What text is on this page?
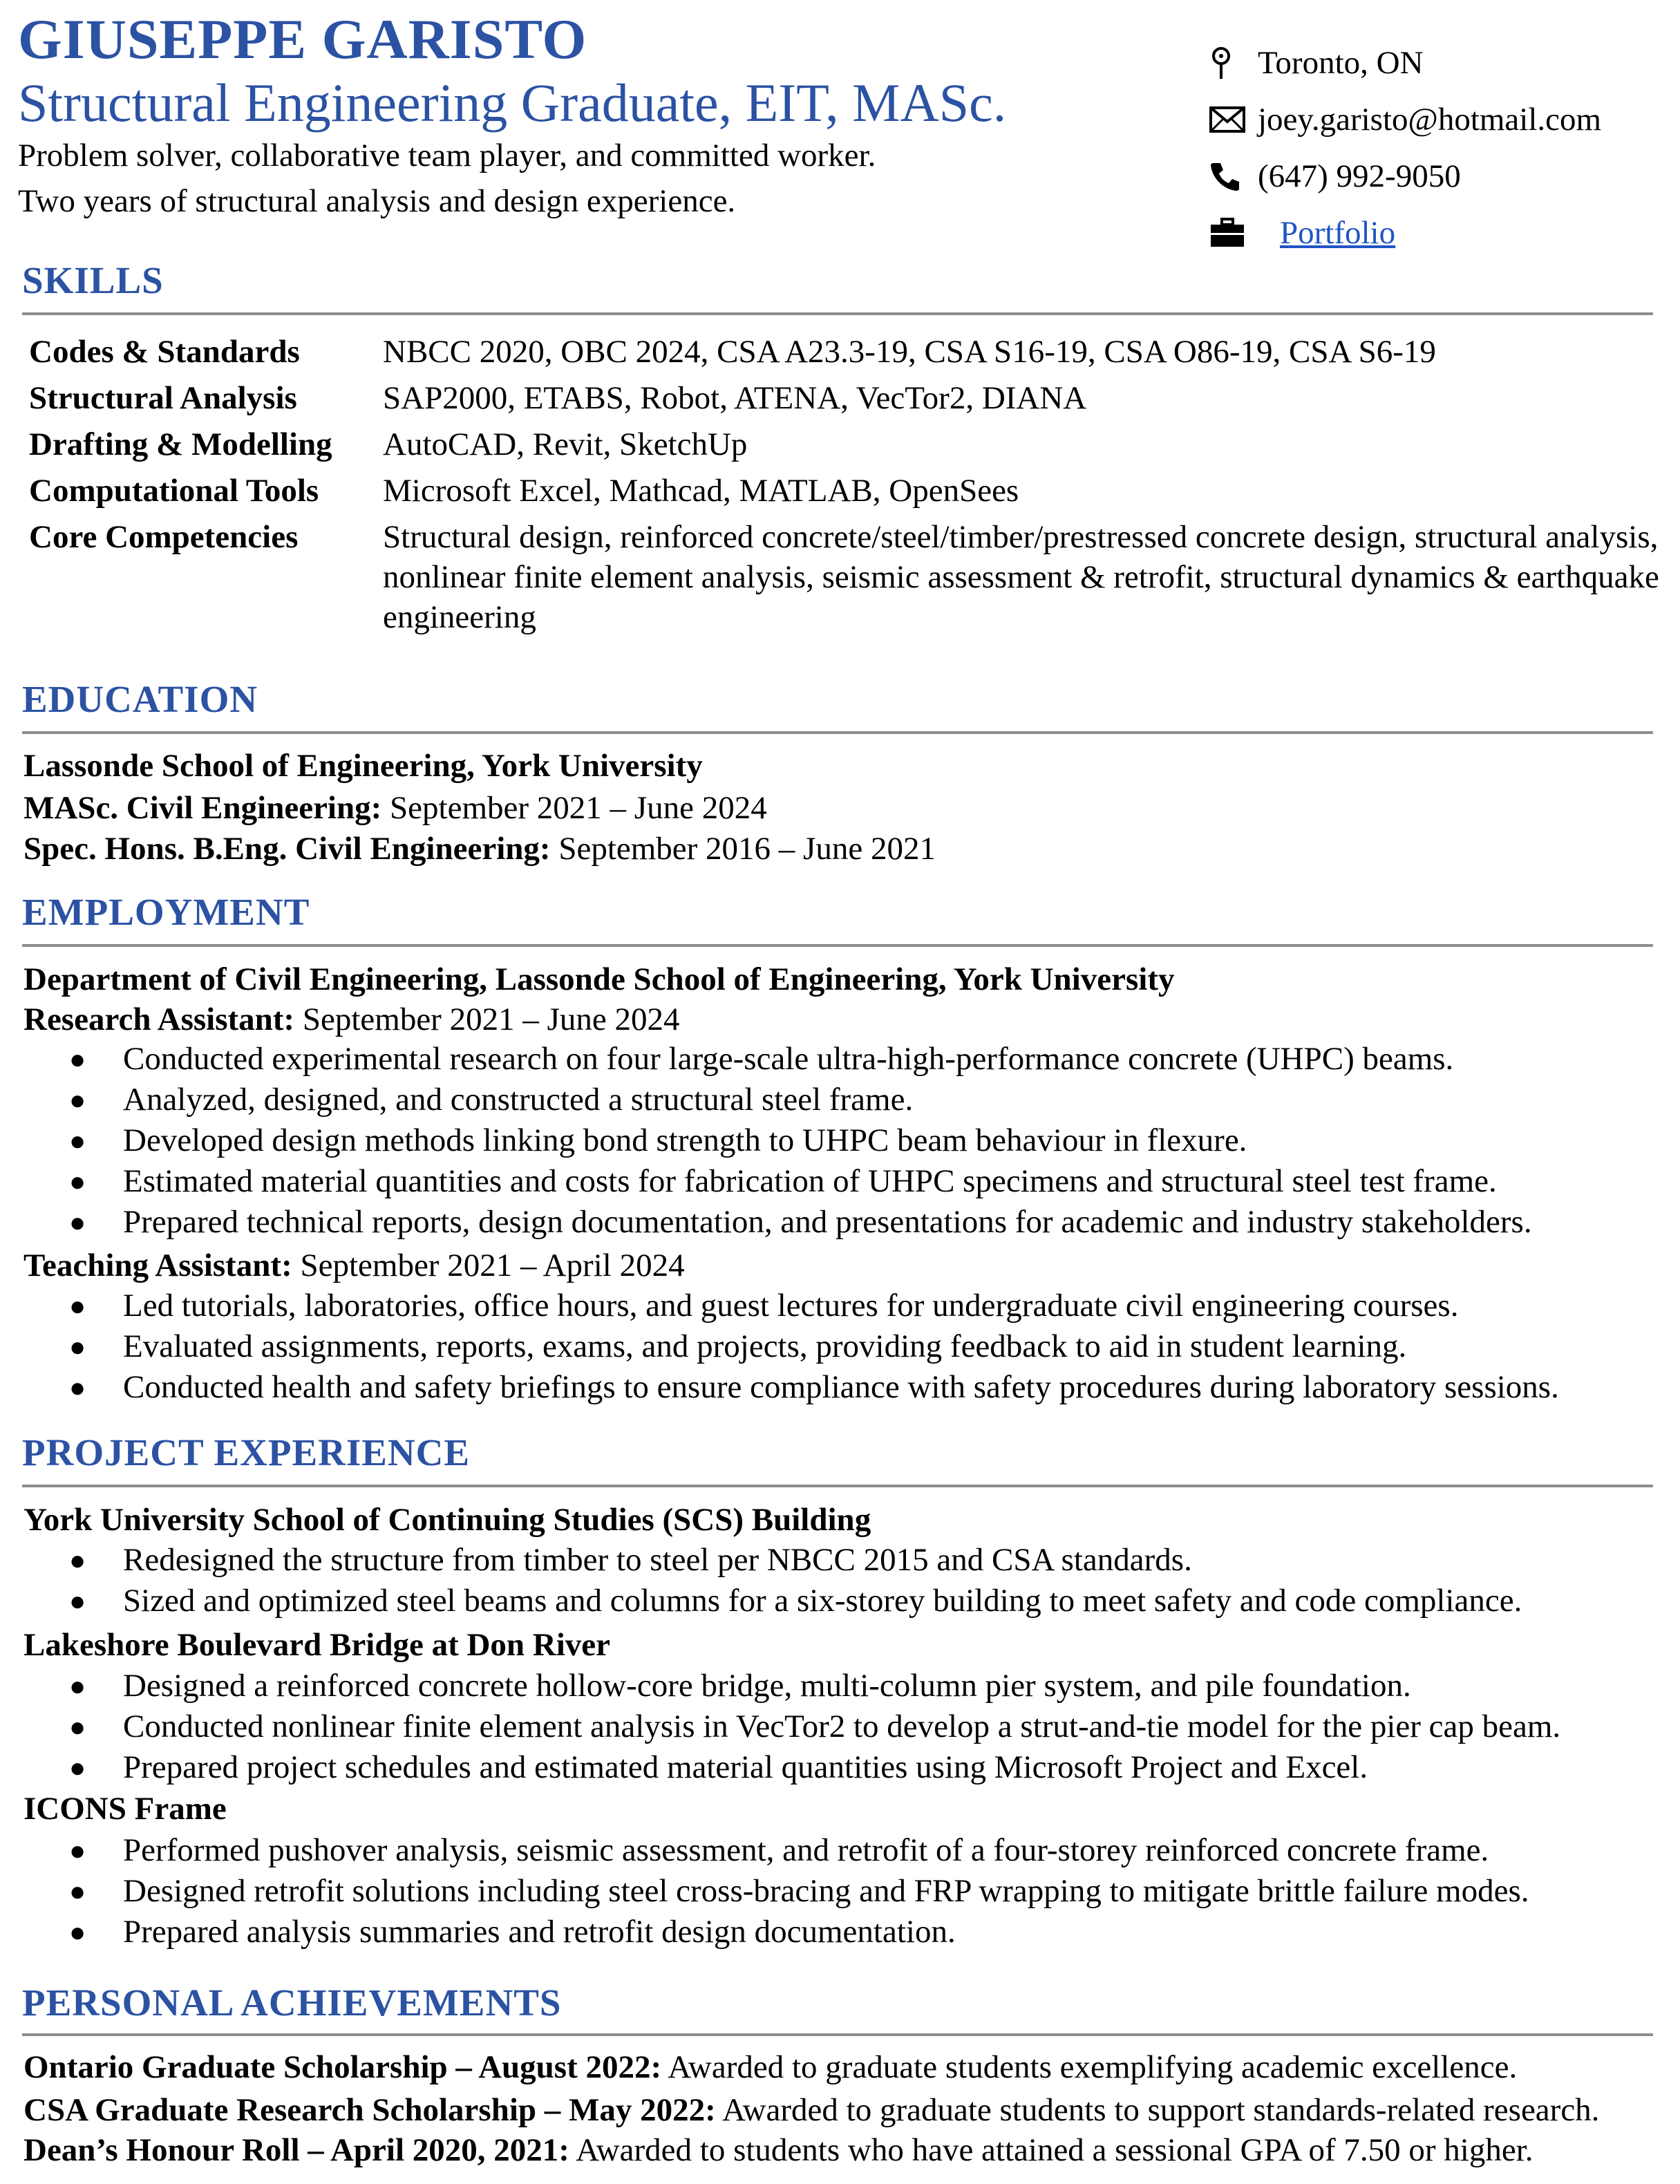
GIUSEPPE GARISTO
Structural Engineering Graduate, EIT, MASc.
Problem solver, collaborative team player, and committed worker.
Two years of structural analysis and design experience.
Toronto, ON
joey.garisto@hotmail.com
(647) 992-9050
Portfolio
SKILLS
Codes & Standards	NBCC 2020, OBC 2024, CSA A23.3-19, CSA S16-19, CSA O86-19, CSA S6-19
Structural Analysis	SAP2000, ETABS, Robot, ATENA, VecTor2, DIANA
Drafting & Modelling	AutoCAD, Revit, SketchUp
Computational Tools	Microsoft Excel, Mathcad, MATLAB, OpenSees
Core Competencies	Structural design, reinforced concrete/steel/timber/prestressed concrete design, structural analysis, nonlinear finite element analysis, seismic assessment & retrofit, structural dynamics & earthquake engineering
EDUCATION
Lassonde School of Engineering, York University
MASc. Civil Engineering: September 2021 – June 2024
Spec. Hons. B.Eng. Civil Engineering: September 2016 – June 2021
EMPLOYMENT
Department of Civil Engineering, Lassonde School of Engineering, York University
Research Assistant: September 2021 – June 2024
●	Conducted experimental research on four large-scale ultra-high-performance concrete (UHPC) beams.
●	Analyzed, designed, and constructed a structural steel frame.
●	Developed design methods linking bond strength to UHPC beam behaviour in flexure.
●	Estimated material quantities and costs for fabrication of UHPC specimens and structural steel test frame.
●	Prepared technical reports, design documentation, and presentations for academic and industry stakeholders.
Teaching Assistant: September 2021 – April 2024
●	Led tutorials, laboratories, office hours, and guest lectures for undergraduate civil engineering courses.
●	Evaluated assignments, reports, exams, and projects, providing feedback to aid in student learning.
●	Conducted health and safety briefings to ensure compliance with safety procedures during laboratory sessions.
PROJECT EXPERIENCE
York University School of Continuing Studies (SCS) Building
●	Redesigned the structure from timber to steel per NBCC 2015 and CSA standards.
●	Sized and optimized steel beams and columns for a six-storey building to meet safety and code compliance.
Lakeshore Boulevard Bridge at Don River
●	Designed a reinforced concrete hollow-core bridge, multi-column pier system, and pile foundation.
●	Conducted nonlinear finite element analysis in VecTor2 to develop a strut-and-tie model for the pier cap beam.
●	Prepared project schedules and estimated material quantities using Microsoft Project and Excel.
ICONS Frame
●	Performed pushover analysis, seismic assessment, and retrofit of a four-storey reinforced concrete frame.
●	Designed retrofit solutions including steel cross-bracing and FRP wrapping to mitigate brittle failure modes.
●	Prepared analysis summaries and retrofit design documentation.
PERSONAL ACHIEVEMENTS
Ontario Graduate Scholarship – August 2022: Awarded to graduate students exemplifying academic excellence.
CSA Graduate Research Scholarship – May 2022: Awarded to graduate students to support standards-related research.
Dean’s Honour Roll – April 2020, 2021: Awarded to students who have attained a sessional GPA of 7.50 or higher.
